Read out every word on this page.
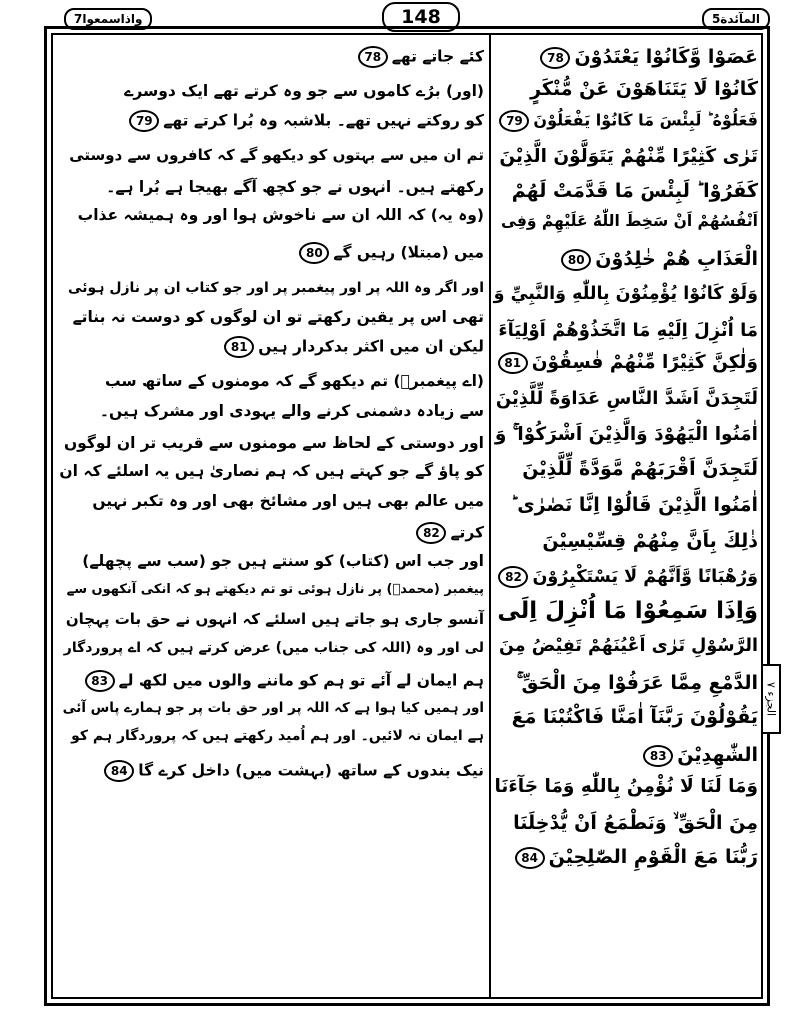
واذاسمعوا7	148	المآئدة5
الجزء ٧
عَصَوْا وَّكَانُوْا يَعْتَدُوْنَ78
كَانُوْا لَا يَتَنَاهَوْنَ عَنْ مُّنْكَرٍ
فَعَلُوْهُ ؕ لَبِئْسَ مَا كَانُوْا يَفْعَلُوْنَ79
تَرٰى كَثِيْرًا مِّنْهُمْ يَتَوَلَّوْنَ الَّذِيْنَ
كَفَرُوْا ؕ لَبِئْسَ مَا قَدَّمَتْ لَهُمْ
اَنْفُسُهُمْ اَنْ سَخِطَ اللّٰهُ عَلَيْهِمْ وَفِى
الْعَذَابِ هُمْ خٰلِدُوْنَ80
وَلَوْ كَانُوْا يُؤْمِنُوْنَ بِاللّٰهِ وَالنَّبِيِّ وَ
مَا اُنْزِلَ اِلَيْهِ مَا اتَّخَذُوْهُمْ اَوْلِيَآءَ
وَلٰكِنَّ كَثِيْرًا مِّنْهُمْ فٰسِقُوْنَ81
لَتَجِدَنَّ اَشَدَّ النَّاسِ عَدَاوَةً لِّلَّذِيْنَ
اٰمَنُوا الْيَهُوْدَ وَالَّذِيْنَ اَشْرَكُوْا ۚ وَ
لَتَجِدَنَّ اَقْرَبَهُمْ مَّوَدَّةً لِّلَّذِيْنَ
اٰمَنُوا الَّذِيْنَ قَالُوْا اِنَّا نَصٰرٰى ؕ
ذٰلِكَ بِاَنَّ مِنْهُمْ قِسِّيْسِيْنَ
وَرُهْبَانًا وَّاَنَّهُمْ لَا يَسْتَكْبِرُوْنَ82
وَاِذَا سَمِعُوْا مَا اُنْزِلَ اِلَى
الرَّسُوْلِ تَرٰى اَعْيُنَهُمْ تَفِيْضُ مِنَ
الدَّمْعِ مِمَّا عَرَفُوْا مِنَ الْحَقِّ ۚ
يَقُوْلُوْنَ رَبَّنَآ اٰمَنَّا فَاكْتُبْنَا مَعَ
الشّٰهِدِيْنَ83
وَمَا لَنَا لَا نُؤْمِنُ بِاللّٰهِ وَمَا جَآءَنَا
مِنَ الْحَقِّ ۙ وَنَطْمَعُ اَنْ يُّدْخِلَنَا
رَبُّنَا مَعَ الْقَوْمِ الصّٰلِحِيْنَ84
کئے جاتے تھے78
(اور) برُے کاموں سے جو وہ کرتے تھے ایک دوسرے
کو روکتے نہیں تھے۔ بلاشبہ وہ بُرا کرتے تھے79
تم ان میں سے بہتوں کو دیکھو گے کہ کافروں سے دوستی
رکھتے ہیں۔ انہوں نے جو کچھ آگے بھیجا ہے بُرا ہے۔
(وہ یہ) کہ اللہ ان سے ناخوش ہوا اور وہ ہمیشہ عذاب
میں (مبتلا) رہیں گے80
اور اگر وہ اللہ پر اور پیغمبر پر اور جو کتاب ان پر نازل ہوئی
تھی اس پر یقین رکھتے تو ان لوگوں کو دوست نہ بناتے
لیکن ان میں اکثر بدکردار ہیں81
(اے پیغمبرؐ) تم دیکھو گے کہ مومنوں کے ساتھ سب
سے زیادہ دشمنی کرنے والے یہودی اور مشرک ہیں۔
اور دوستی کے لحاظ سے مومنوں سے قریب تر ان لوگوں
کو پاؤ گے جو کہتے ہیں کہ ہم نصاریٰ ہیں یہ اسلئے کہ ان
میں عالم بھی ہیں اور مشائخ بھی اور وہ تکبر نہیں
کرتے82
اور جب اس (کتاب) کو سنتے ہیں جو (سب سے پچھلے)
پیغمبر (محمدؐ) پر نازل ہوئی تو تم دیکھتے ہو کہ انکی آنکھوں سے
آنسو جاری ہو جاتے ہیں اسلئے کہ انہوں نے حق بات پہچان
لی اور وہ (اللہ کی جناب میں) عرض کرتے ہیں کہ اے پروردگار
ہم ایمان لے آئے تو ہم کو ماننے والوں میں لکھ لے83
اور ہمیں کیا ہوا ہے کہ اللہ پر اور حق بات پر جو ہمارے پاس آئی
ہے ایمان نہ لائیں۔ اور ہم اُمید رکھتے ہیں کہ پروردگار ہم کو
نیک بندوں کے ساتھ (بہشت میں) داخل کرے گا84
